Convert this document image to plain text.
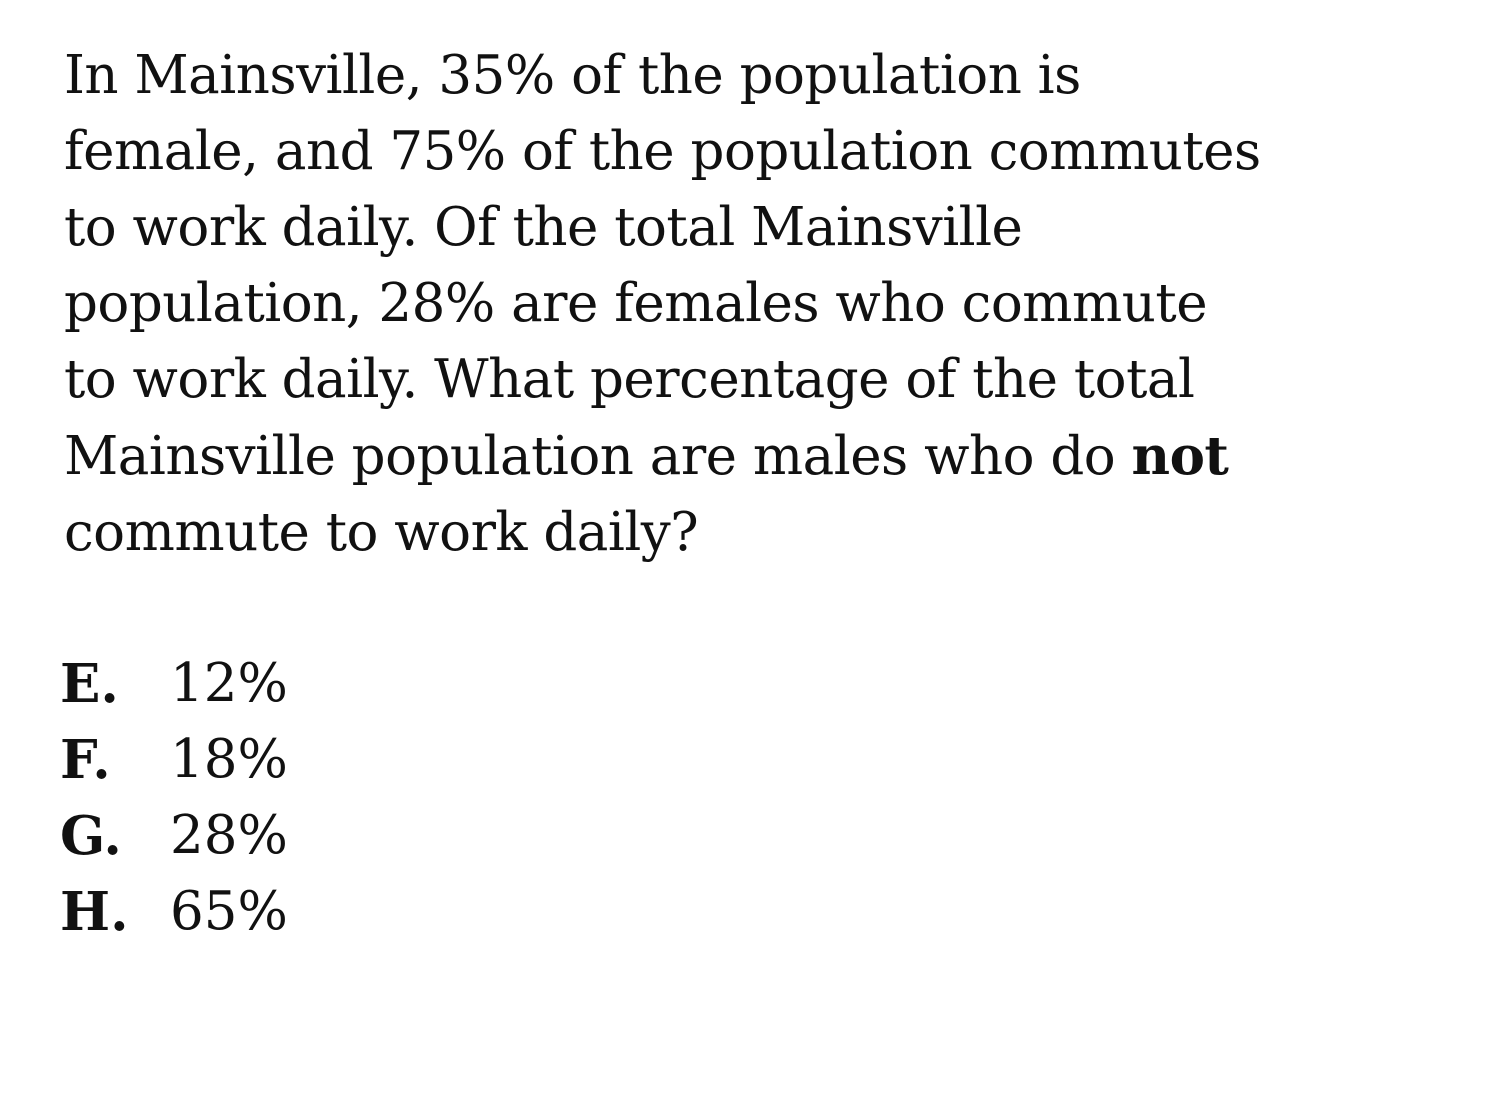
In Mainsville, 35% of the population is
female, and 75% of the population commutes
to work daily. Of the total Mainsville
population, 28% are females who commute
to work daily. What percentage of the total
Mainsville population are males who do not
commute to work daily?
E. 12%
F.	18%
G. 28%
H. 65%
